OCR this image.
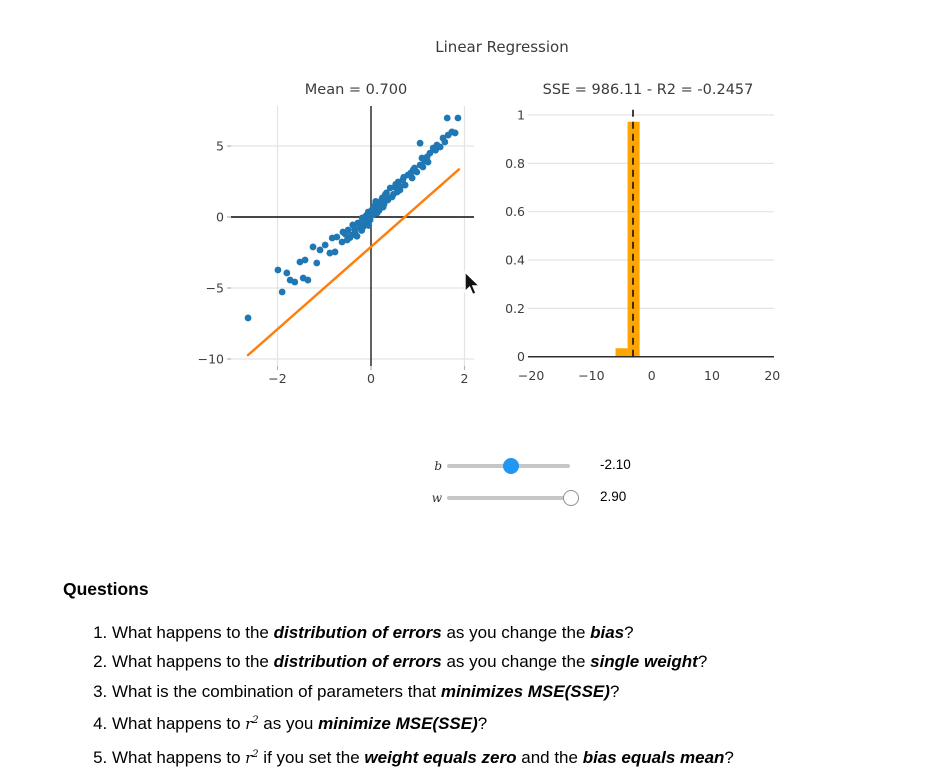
Linear Regression
Mean = 0.700	SSE = 986.11 - R2 = -0.2457
−2	0	2
5
0
−5
−10	0
0.2
0.4
0.6
0.8
1
−20	−10	0	10	20
b	-2.10
w	2.90
Questions
1. What happens to the distribution of errors as you change the bias?
2. What happens to the distribution of errors as you change the single weight?
3. What is the combination of parameters that minimizes MSE(SSE)?
4. What happens to $r^2$ as you minimize MSE(SSE)?
5. What happens to $r^2$ if you set the weight equals zero and the bias equals mean?
